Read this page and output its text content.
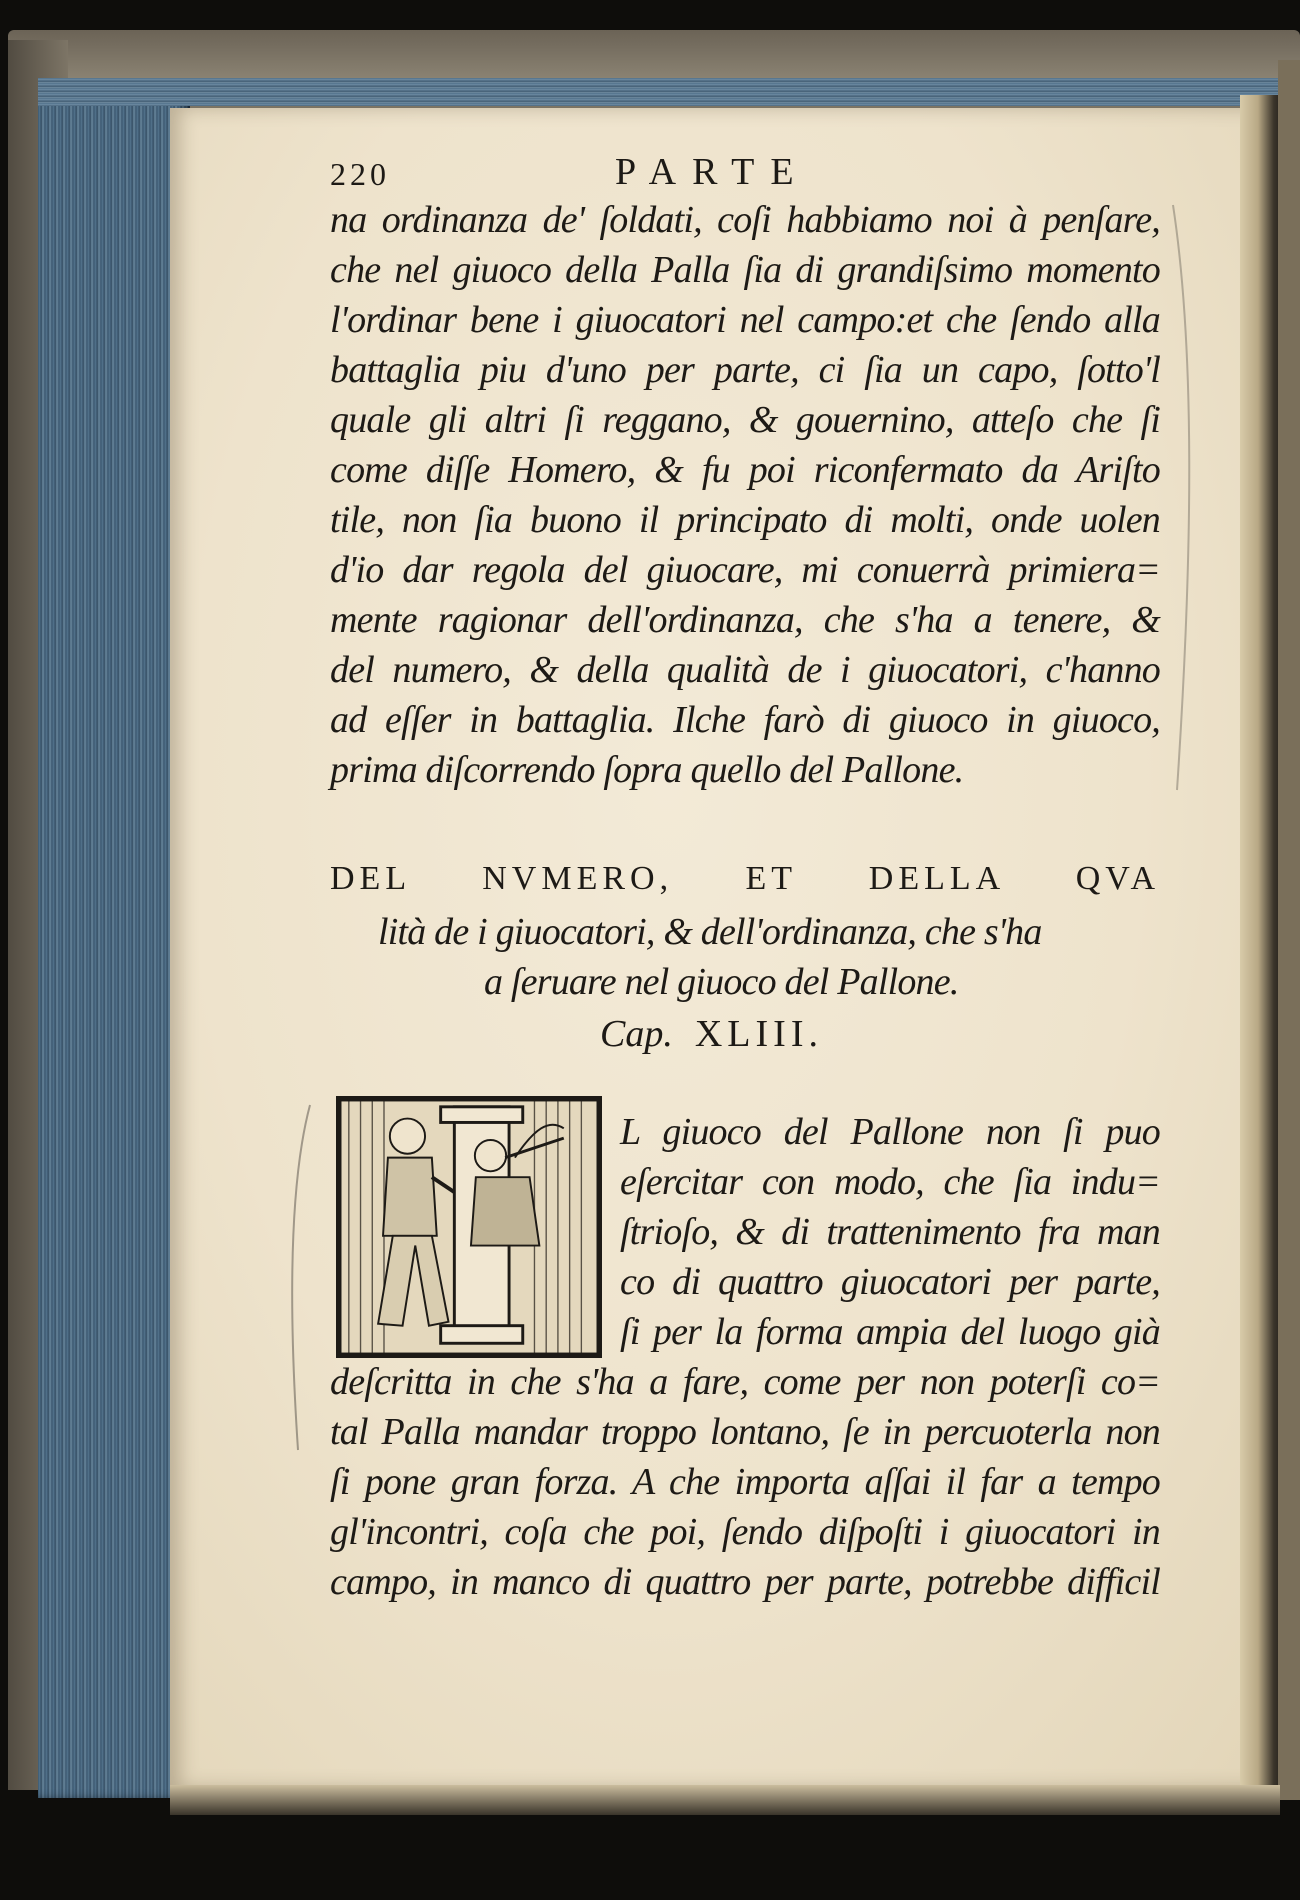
220	PARTE
na ordinanza de' ſoldati, coſi habbiamo noi à penſare,
che nel giuoco della Palla ſia di grandiſsimo momento
l'ordinar bene i giuocatori nel campo:et che ſendo alla
battaglia piu d'uno per parte, ci ſia un capo, ſotto'l
quale gli altri ſi reggano, & gouernino, atteſo che ſi
come diſſe Homero, & fu poi riconfermato da Ariſto
tile, non ſia buono il principato di molti, onde uolen
d'io dar regola del giuocare, mi conuerrà primiera=
mente ragionar dell'ordinanza, che s'ha a tenere, &
del numero, & della qualità de i giuocatori, c'hanno
ad eſſer in battaglia. Ilche farò di giuoco in giuoco,
prima diſcorrendo ſopra quello del Pallone.
DEL NVMERO, ET DELLA QVA
lità de i giuocatori, & dell'ordinanza, che s'ha
a ſeruare nel giuoco del Pallone.
Cap. XLIII.
L giuoco del Pallone non ſi puo
eſercitar con modo, che ſia indu=
ſtrioſo, & di trattenimento fra man
co di quattro giuocatori per parte,
ſi per la forma ampia del luogo già
deſcritta in che s'ha a fare, come per non poterſi co=
tal Palla mandar troppo lontano, ſe in percuoterla non
ſi pone gran forza. A che importa aſſai il far a tempo
gl'incontri, coſa che poi, ſendo diſpoſti i giuocatori in
campo, in manco di quattro per parte, potrebbe difficil
